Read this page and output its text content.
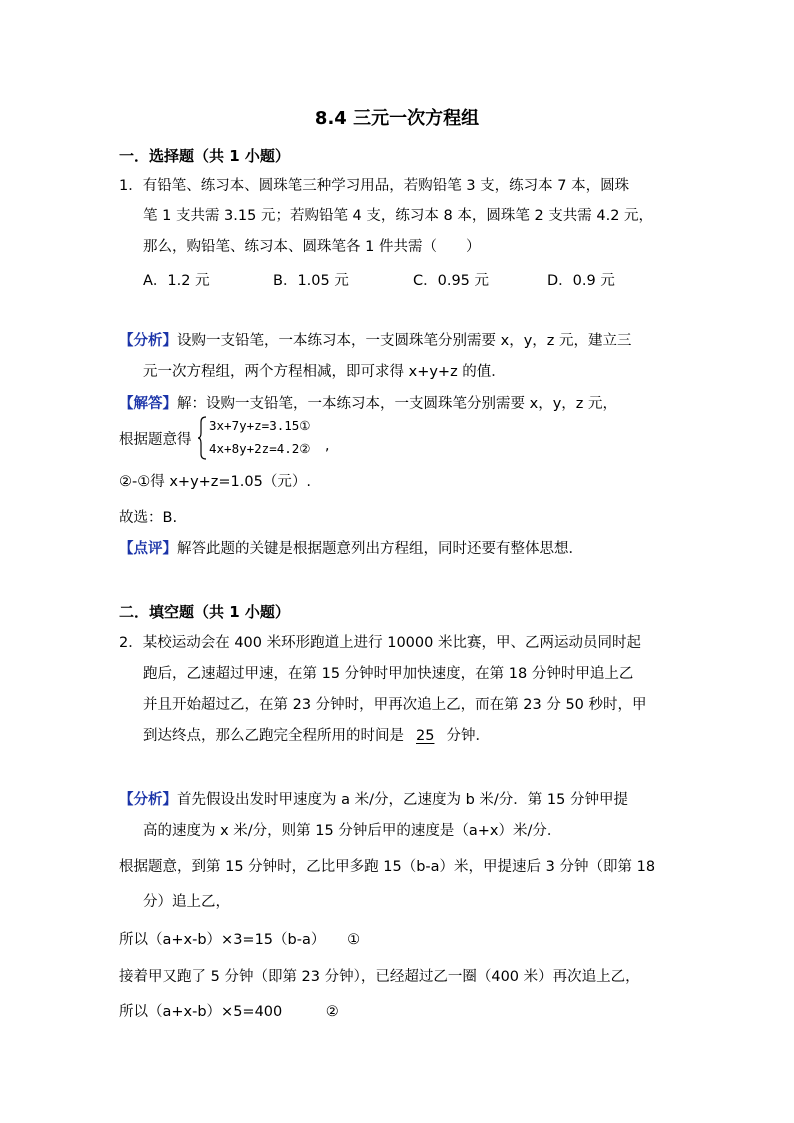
8.4 三元一次方程组
一．选择题（共 1 小题）
1．有铅笔、练习本、圆珠笔三种学习用品，若购铅笔 3 支，练习本 7 本，圆珠
笔 1 支共需 3.15 元；若购铅笔 4 支，练习本 8 本，圆珠笔 2 支共需 4.2 元，
那么，购铅笔、练习本、圆珠笔各 1 件共需（　　）
A．1.2 元	B．1.05 元	C．0.95 元	D．0.9 元
【分析】设购一支铅笔，一本练习本，一支圆珠笔分别需要 x，y，z 元，建立三
元一次方程组，两个方程相减，即可求得 x+y+z 的值．
【解答】解：设购一支铅笔，一本练习本，一支圆珠笔分别需要 x，y，z 元，
根据题意得
3x+7y+z=3.15①
4x+8y+2z=4.2② ,
②-①得 x+y+z=1.05（元）.
故选：B.
【点评】解答此题的关键是根据题意列出方程组，同时还要有整体思想．
二．填空题（共 1 小题）
2．某校运动会在 400 米环形跑道上进行 10000 米比赛，甲、乙两运动员同时起
跑后，乙速超过甲速，在第 15 分钟时甲加快速度，在第 18 分钟时甲追上乙
并且开始超过乙，在第 23 分钟时，甲再次追上乙，而在第 23 分 50 秒时，甲
到达终点，那么乙跑完全程所用的时间是 25 分钟．
【分析】首先假设出发时甲速度为 a 米/分，乙速度为 b 米/分．第 15 分钟甲提
高的速度为 x 米/分，则第 15 分钟后甲的速度是（a+x）米/分．
根据题意，到第 15 分钟时，乙比甲多跑 15（b-a）米，甲提速后 3 分钟（即第 18
分）追上乙，
所以（a+x-b）×3=15（b-a）　　①
接着甲又跑了 5 分钟（即第 23 分钟），已经超过乙一圈（400 米）再次追上乙，
所以（a+x-b）×5=400　　　②
